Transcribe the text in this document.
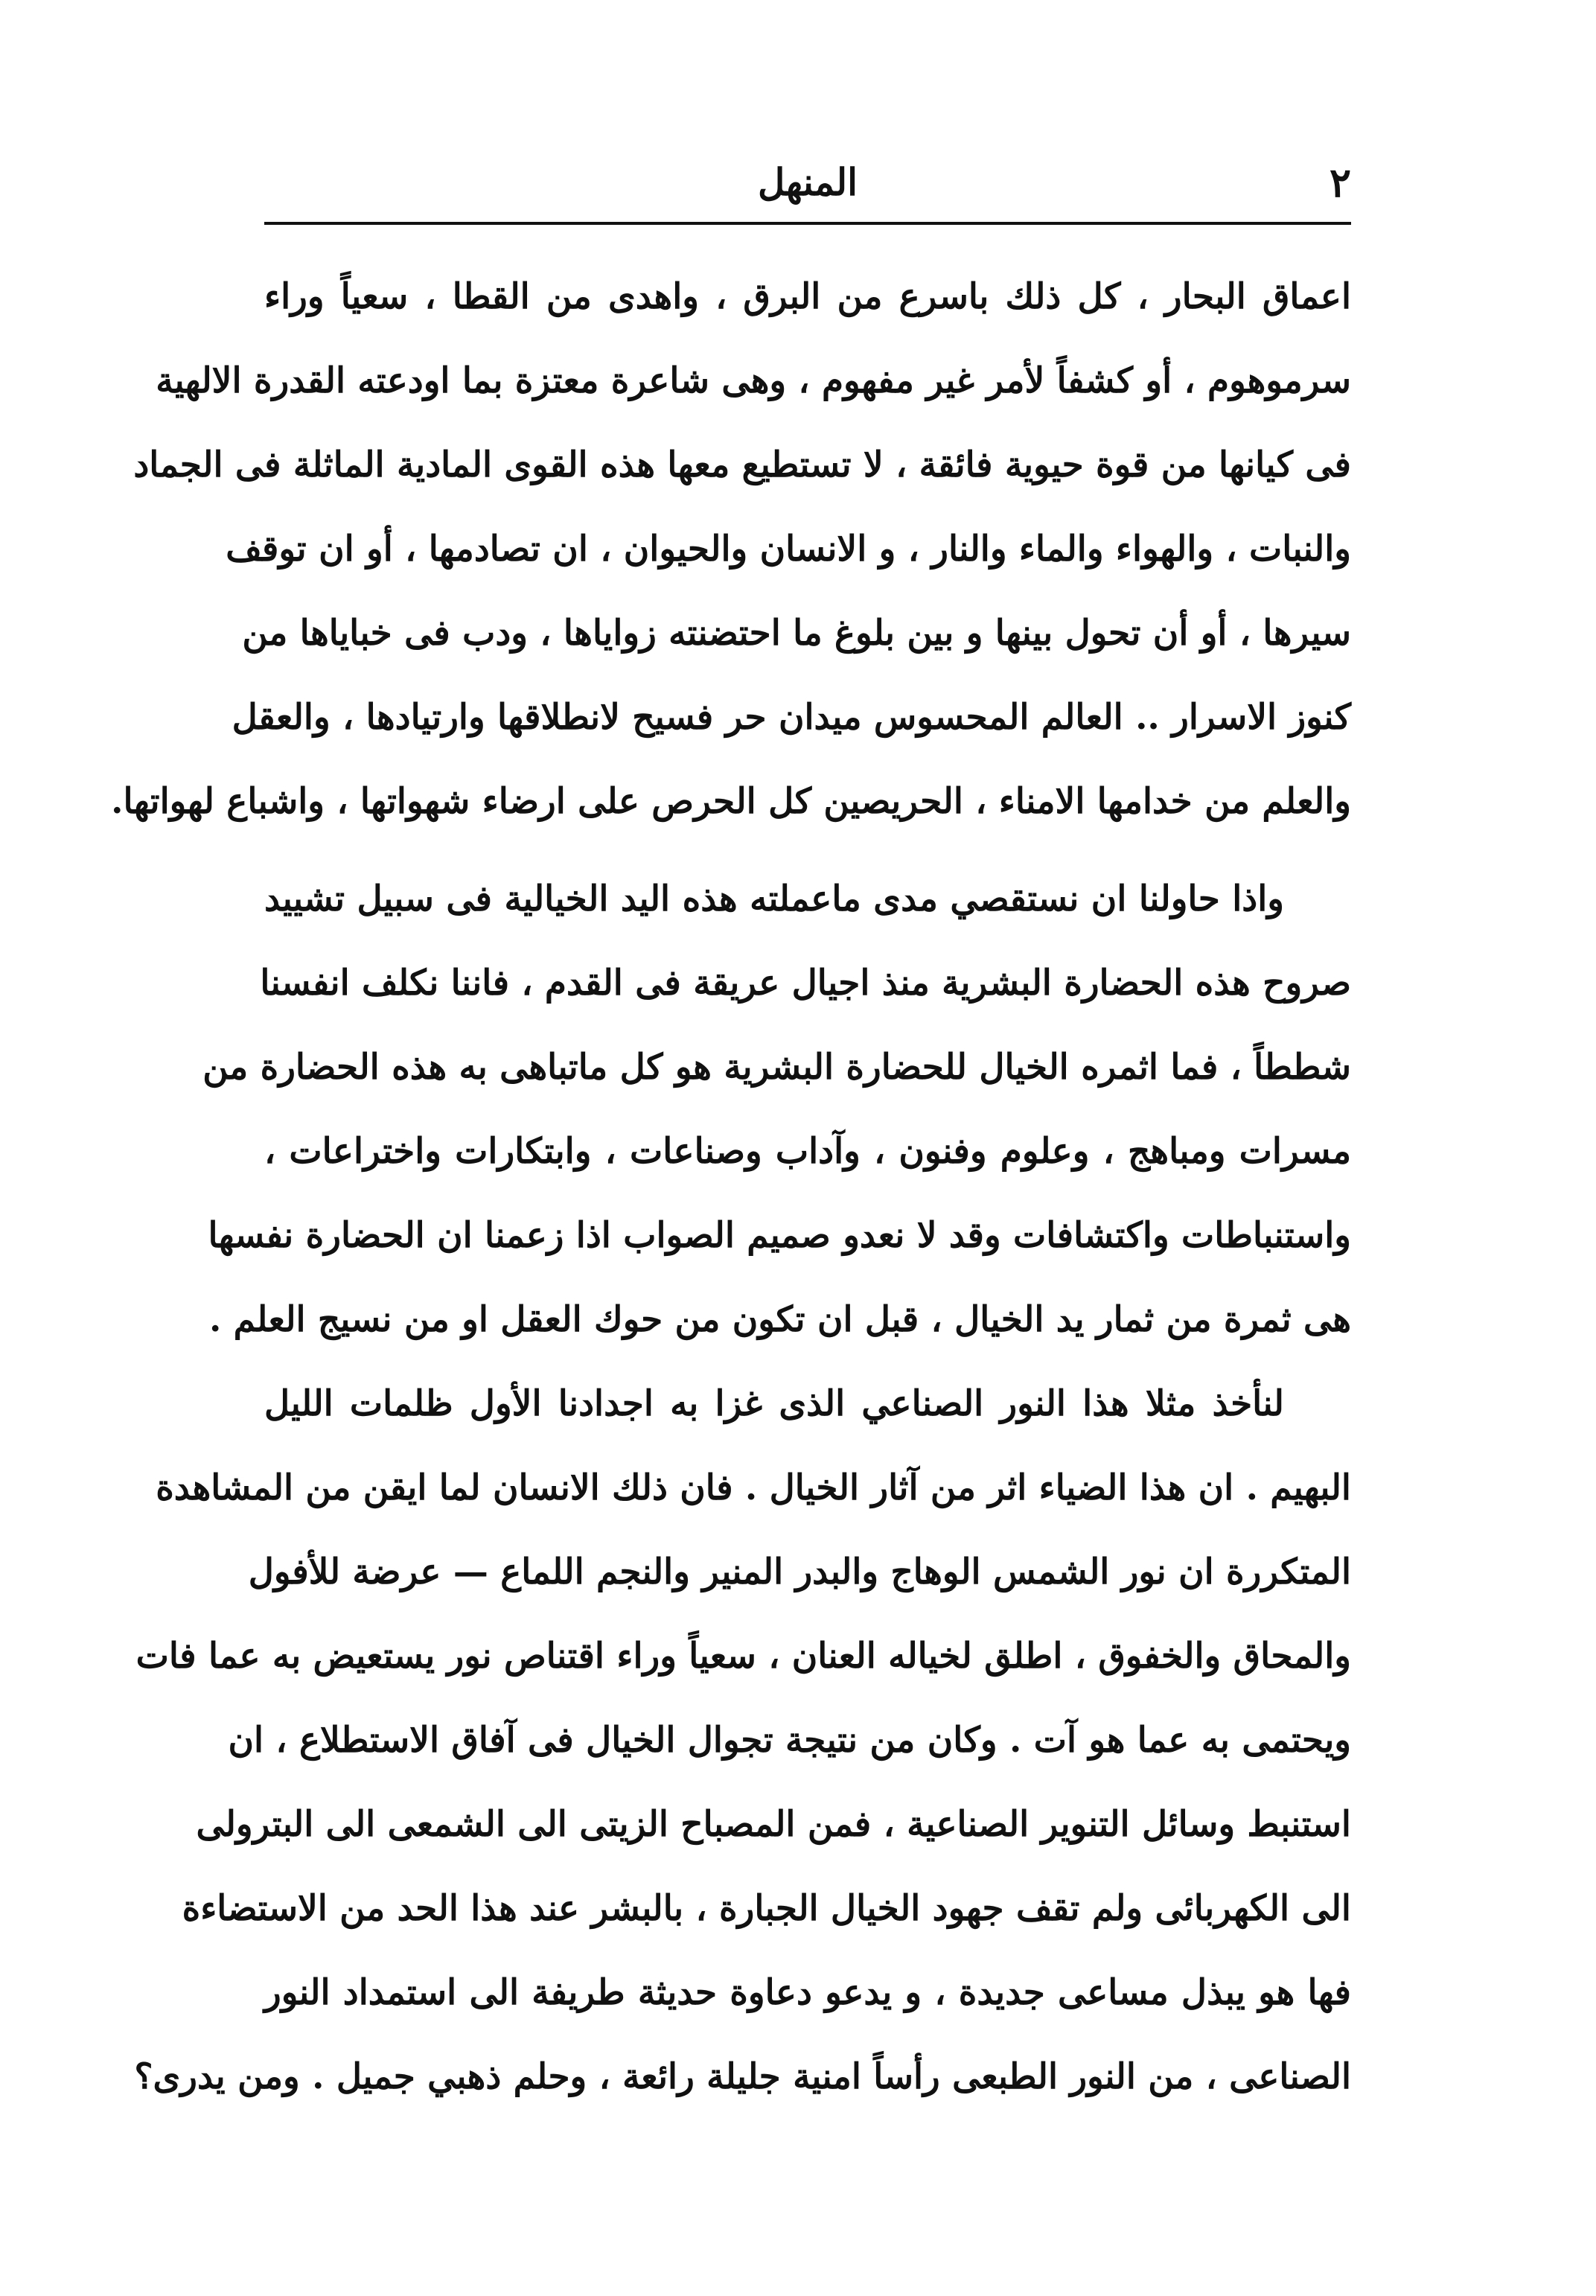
٢
المنهل
اعماق البحار ، كل ذلك باسرع من البرق ، واهدى من القطا ، سعياً وراء
سرموهوم ، أو كشفاً لأمر غير مفهوم ، وهى شاعرة معتزة بما اودعته القدرة الالهية
فى كيانها من قوة حيوية فائقة ، لا تستطيع معها هذه القوى المادية الماثلة فى الجماد
والنبات ، والهواء والماء والنار ، و الانسان والحيوان ، ان تصادمها ، أو ان توقف
سيرها ، أو أن تحول بينها و بين بلوغ ما احتضنته زواياها ، ودب فى خباياها من
كنوز الاسرار .. العالم المحسوس ميدان حر فسيح لانطلاقها وارتيادها ، والعقل
والعلم من خدامها الامناء ، الحريصين كل الحرص على ارضاء شهواتها ، واشباع لهواتها.
واذا حاولنا ان نستقصي مدى ماعملته هذه اليد الخيالية فى سبيل تشييد
صروح هذه الحضارة البشرية منذ اجيال عريقة فى القدم ، فاننا نكلف انفسنا
شططاً ، فما اثمره الخيال للحضارة البشرية هو كل ماتباهى به هذه الحضارة من
مسرات ومباهج ، وعلوم وفنون ، وآداب وصناعات ، وابتكارات واختراعات ،
واستنباطات واكتشافات وقد لا نعدو صميم الصواب اذا زعمنا ان الحضارة نفسها
هى ثمرة من ثمار يد الخيال ، قبل ان تكون من حوك العقل او من نسيج العلم .
لنأخذ مثلا هذا النور الصناعي الذى غزا به اجدادنا الأول ظلمات الليل
البهيم . ان هذا الضياء اثر من آثار الخيال . فان ذلك الانسان لما ايقن من المشاهدة
المتكررة ان نور الشمس الوهاج والبدر المنير والنجم اللماع — عرضة للأفول
والمحاق والخفوق ، اطلق لخياله العنان ، سعياً وراء اقتناص نور يستعيض به عما فات
ويحتمى به عما هو آت . وكان من نتيجة تجوال الخيال فى آفاق الاستطلاع ، ان
استنبط وسائل التنوير الصناعية ، فمن المصباح الزيتى الى الشمعى الى البترولى
الى الكهربائى ولم تقف جهود الخيال الجبارة ، بالبشر عند هذا الحد من الاستضاءة
فها هو يبذل مساعى جديدة ، و يدعو دعاوة حديثة طريفة الى استمداد النور
الصناعى ، من النور الطبعى رأساً امنية جليلة رائعة ، وحلم ذهبي جميل . ومن يدرى؟
